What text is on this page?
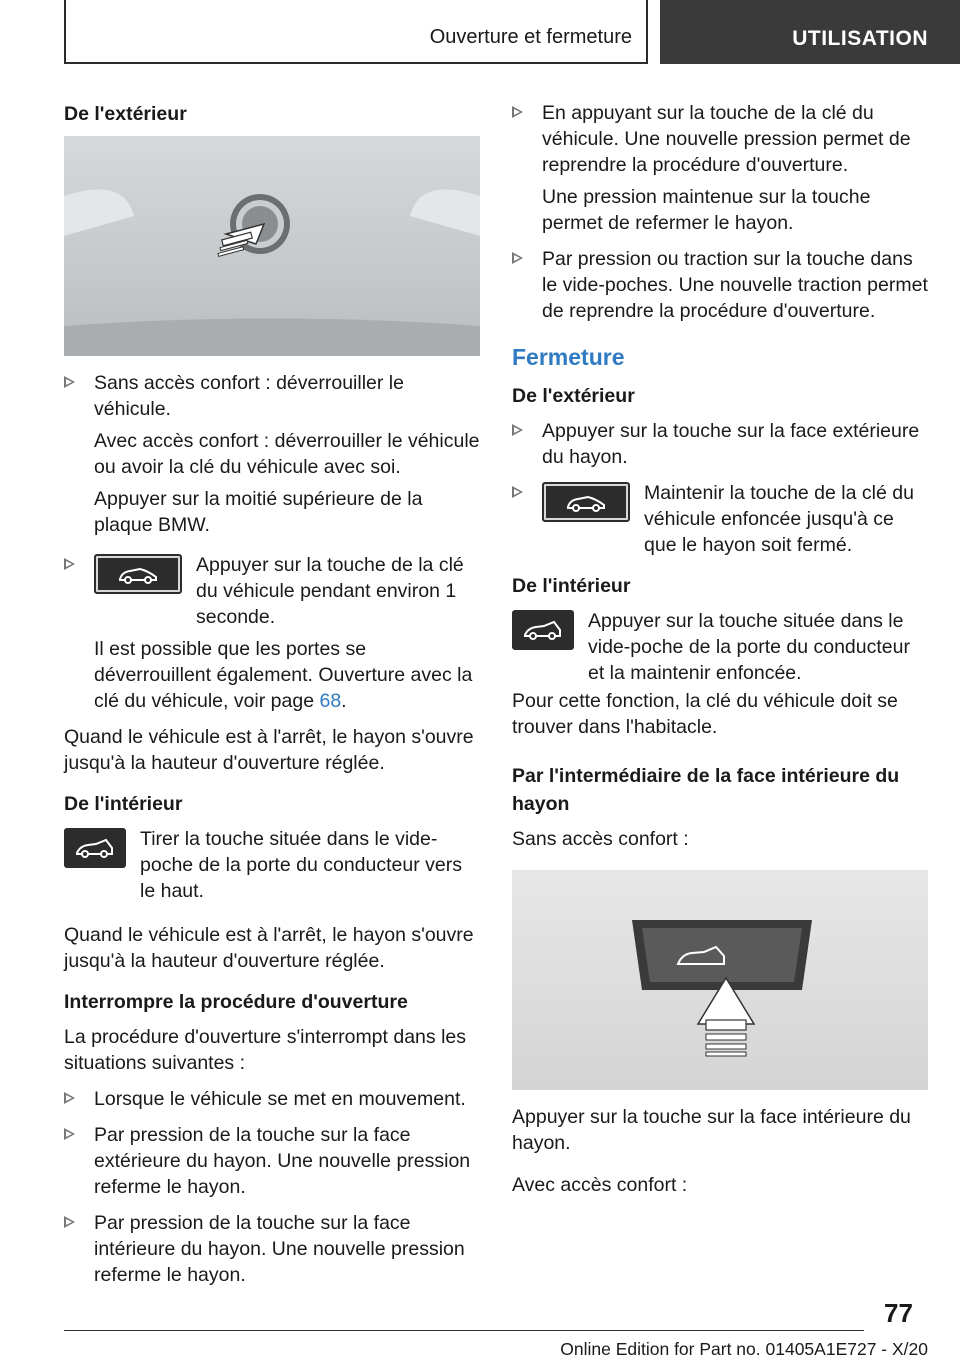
Ouverture et fermeture	UTILISATION
De l'extérieur
Sans accès confort : déverrouiller le véhicule.
Avec accès confort : déverrouiller le véhicule ou avoir la clé du véhicule avec soi.
Appuyer sur la moitié supérieure de la plaque BMW.
Appuyer sur la touche de la clé du véhicule pendant environ 1 seconde.
Il est possible que les portes se déverrouillent également. Ouverture avec la clé du véhicule, voir page 68.
Quand le véhicule est à l'arrêt, le hayon s'ouvre jusqu'à la hauteur d'ouverture réglée.
De l'intérieur
Tirer la touche située dans le vide-poche de la porte du conducteur vers le haut.
Quand le véhicule est à l'arrêt, le hayon s'ouvre jusqu'à la hauteur d'ouverture réglée.
Interrompre la procédure d'ouverture
La procédure d'ouverture s'interrompt dans les situations suivantes :
Lorsque le véhicule se met en mouvement.
Par pression de la touche sur la face extérieure du hayon. Une nouvelle pression referme le hayon.
Par pression de la touche sur la face intérieure du hayon. Une nouvelle pression referme le hayon.
En appuyant sur la touche de la clé du véhicule. Une nouvelle pression permet de reprendre la procédure d'ouverture.
Une pression maintenue sur la touche permet de refermer le hayon.
Par pression ou traction sur la touche dans le vide-poches. Une nouvelle traction permet de reprendre la procédure d'ouverture.
Fermeture
De l'extérieur
Appuyer sur la touche sur la face extérieure du hayon.
Maintenir la touche de la clé du véhicule enfoncée jusqu'à ce que le hayon soit fermé.
De l'intérieur
Appuyer sur la touche située dans le vide-poche de la porte du conducteur et la maintenir enfoncée.
Pour cette fonction, la clé du véhicule doit se trouver dans l'habitacle.
Par l'intermédiaire de la face intérieure du hayon
Sans accès confort :
Appuyer sur la touche sur la face intérieure du hayon.
Avec accès confort :
77
Online Edition for Part no. 01405A1E727 - X/20
